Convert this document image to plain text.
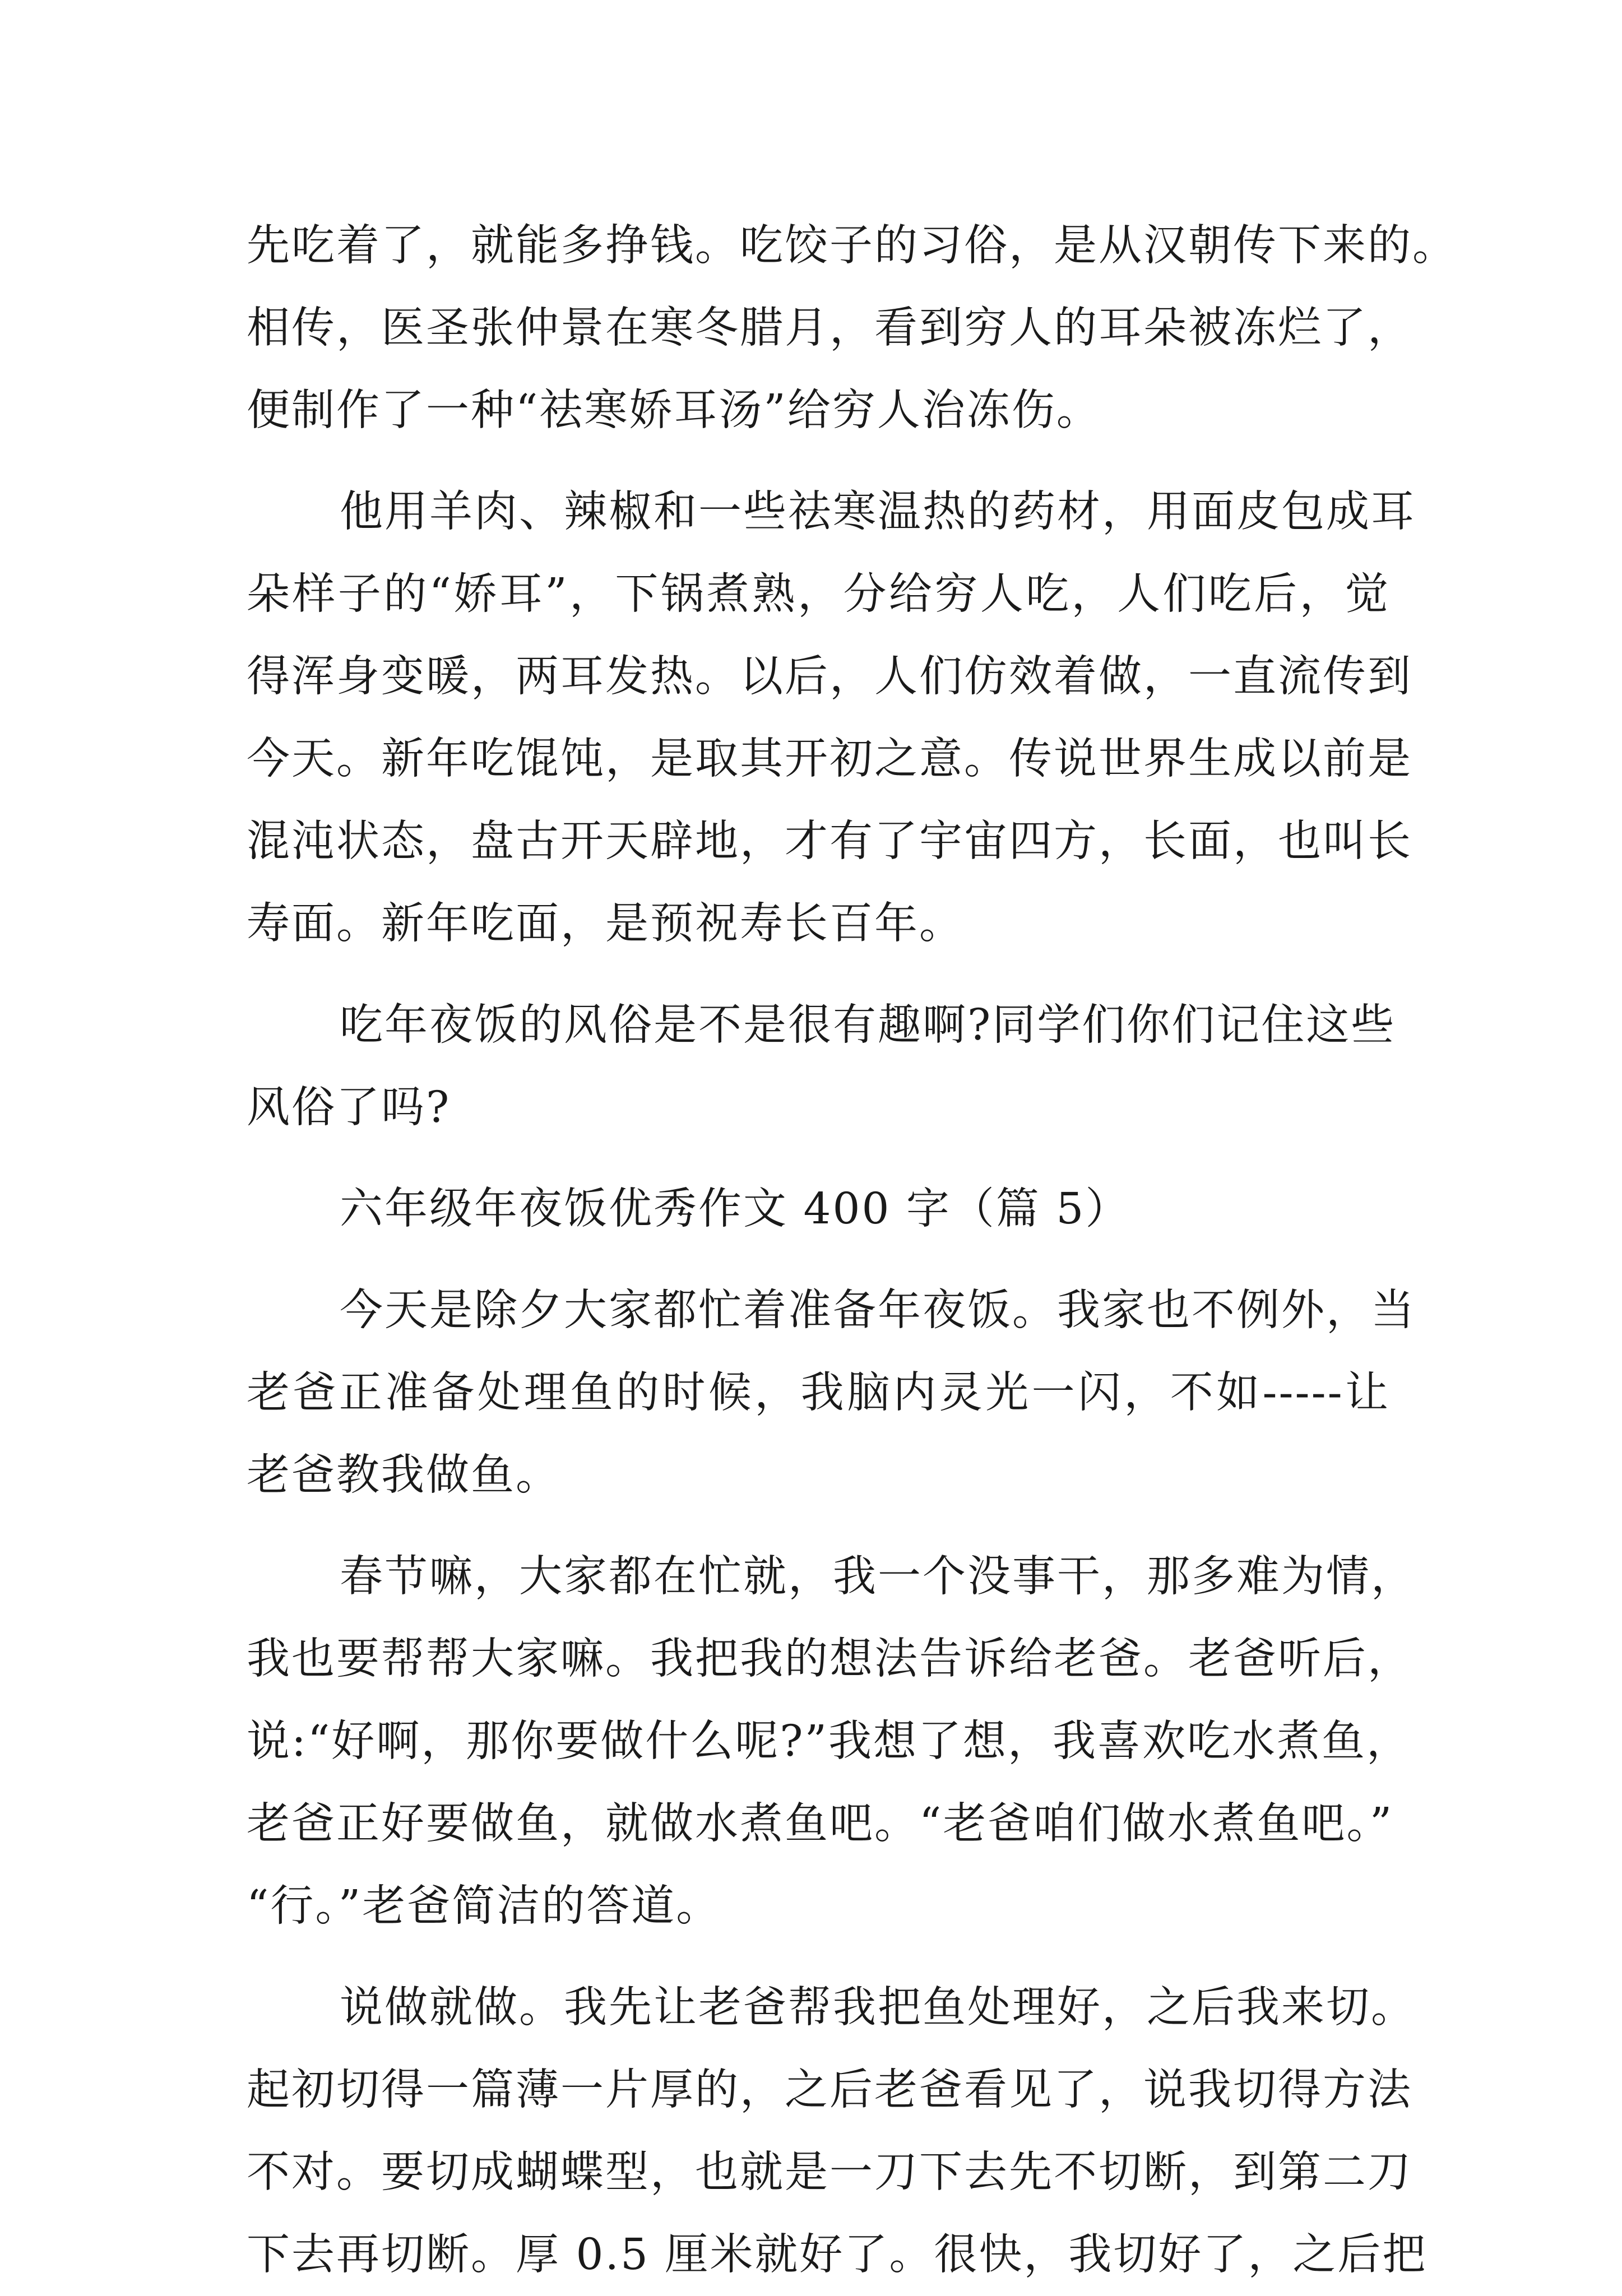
先吃着了，就能多挣钱。吃饺子的习俗，是从汉朝传下来的。
相传，医圣张仲景在寒冬腊月，看到穷人的耳朵被冻烂了，
便制作了一种“祛寒娇耳汤”给穷人治冻伤。
他用羊肉、辣椒和一些祛寒温热的药材，用面皮包成耳
朵样子的“娇耳”，下锅煮熟，分给穷人吃，人们吃后，觉
得浑身变暖，两耳发热。以后，人们仿效着做，一直流传到
今天。新年吃馄饨，是取其开初之意。传说世界生成以前是
混沌状态，盘古开天辟地，才有了宇宙四方，长面，也叫长
寿面。新年吃面，是预祝寿长百年。
吃年夜饭的风俗是不是很有趣啊?同学们你们记住这些
风俗了吗?
六年级年夜饭优秀作文 400 字（篇 5）
今天是除夕大家都忙着准备年夜饭。我家也不例外，当
老爸正准备处理鱼的时候，我脑内灵光一闪，不如-----让
老爸教我做鱼。
春节嘛，大家都在忙就，我一个没事干，那多难为情，
我也要帮帮大家嘛。我把我的想法告诉给老爸。老爸听后，
说:“好啊，那你要做什么呢?”我想了想，我喜欢吃水煮鱼，
老爸正好要做鱼，就做水煮鱼吧。“老爸咱们做水煮鱼吧。”
“行。”老爸简洁的答道。
说做就做。我先让老爸帮我把鱼处理好，之后我来切。
起初切得一篇薄一片厚的，之后老爸看见了，说我切得方法
不对。要切成蝴蝶型，也就是一刀下去先不切断，到第二刀
下去再切断。厚 0.5 厘米就好了。很快，我切好了，之后把
